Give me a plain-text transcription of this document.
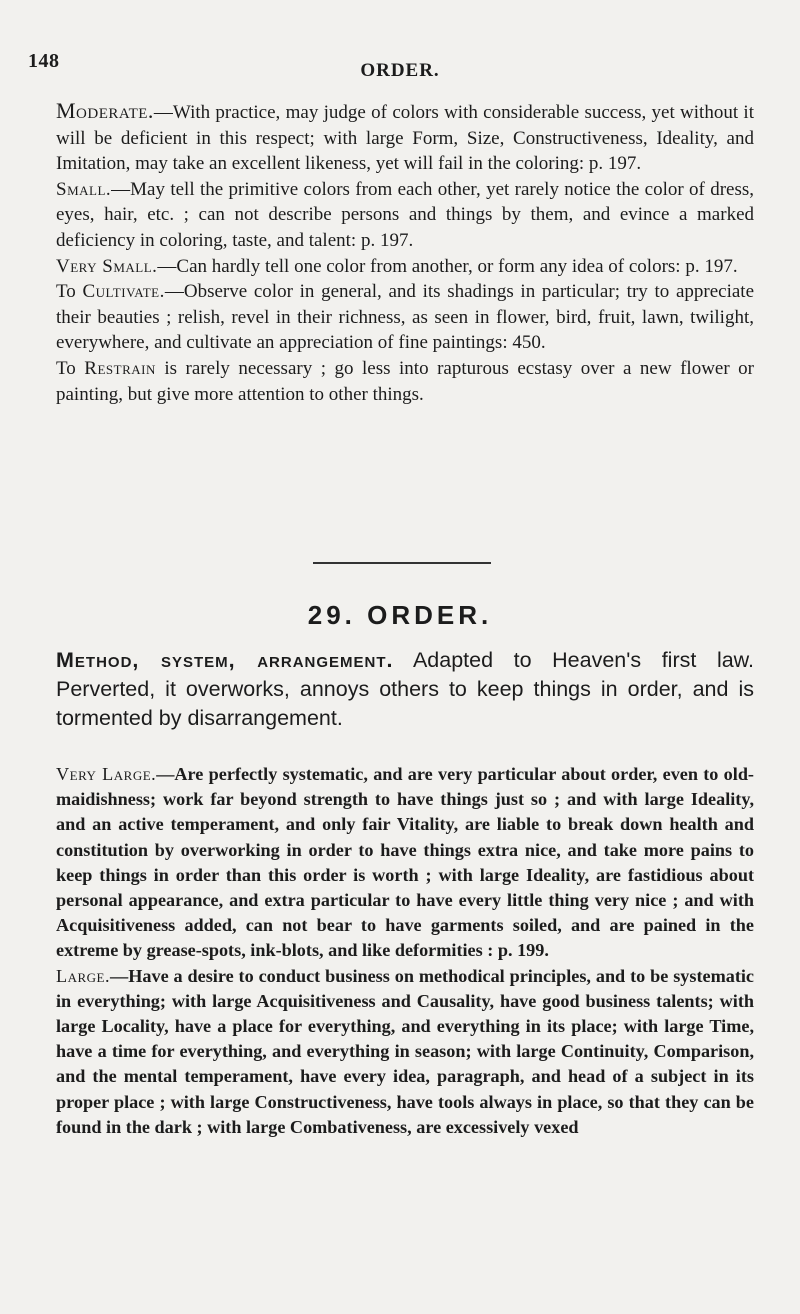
148	ORDER.

Moderate.—With practice, may judge of colors with considerable success, yet without it will be deficient in this respect; with large Form, Size, Constructiveness, Ideality, and Imitation, may take an excellent likeness, yet will fail in the coloring: p. 197.

Small.—May tell the primitive colors from each other, yet rarely notice the color of dress, eyes, hair, etc. ; can not describe persons and things by them, and evince a marked deficiency in coloring, taste, and talent: p. 197.

Very Small.—Can hardly tell one color from another, or form any idea of colors: p. 197.

To Cultivate.—Observe color in general, and its shadings in particular; try to appreciate their beauties ; relish, revel in their richness, as seen in flower, bird, fruit, lawn, twilight, everywhere, and cultivate an appreciation of fine paintings: 450.

To Restrain is rarely necessary ; go less into rapturous ecstasy over a new flower or painting, but give more attention to other things.

29. ORDER.
Method, system, arrangement. Adapted to Heaven's first law. Perverted, it overworks, annoys others to keep things in order, and is tormented by disarrangement.

Very Large.—Are perfectly systematic, and are very particular about order, even to old-maidishness; work far beyond strength to have things just so ; and with large Ideality, and an active temperament, and only fair Vitality, are liable to break down health and constitution by overworking in order to have things extra nice, and take more pains to keep things in order than this order is worth ; with large Ideality, are fastidious about personal appearance, and extra particular to have every little thing very nice ; and with Acquisitiveness added, can not bear to have garments soiled, and are pained in the extreme by grease-spots, ink-blots, and like deformities : p. 199.

Large.—Have a desire to conduct business on methodical principles, and to be systematic in everything; with large Acquisitiveness and Causality, have good business talents; with large Locality, have a place for everything, and everything in its place; with large Time, have a time for everything, and everything in season; with large Continuity, Comparison, and the mental temperament, have every idea, paragraph, and head of a subject in its proper place ; with large Constructiveness, have tools always in place, so that they can be found in the dark ; with large Combativeness, are excessively vexed
